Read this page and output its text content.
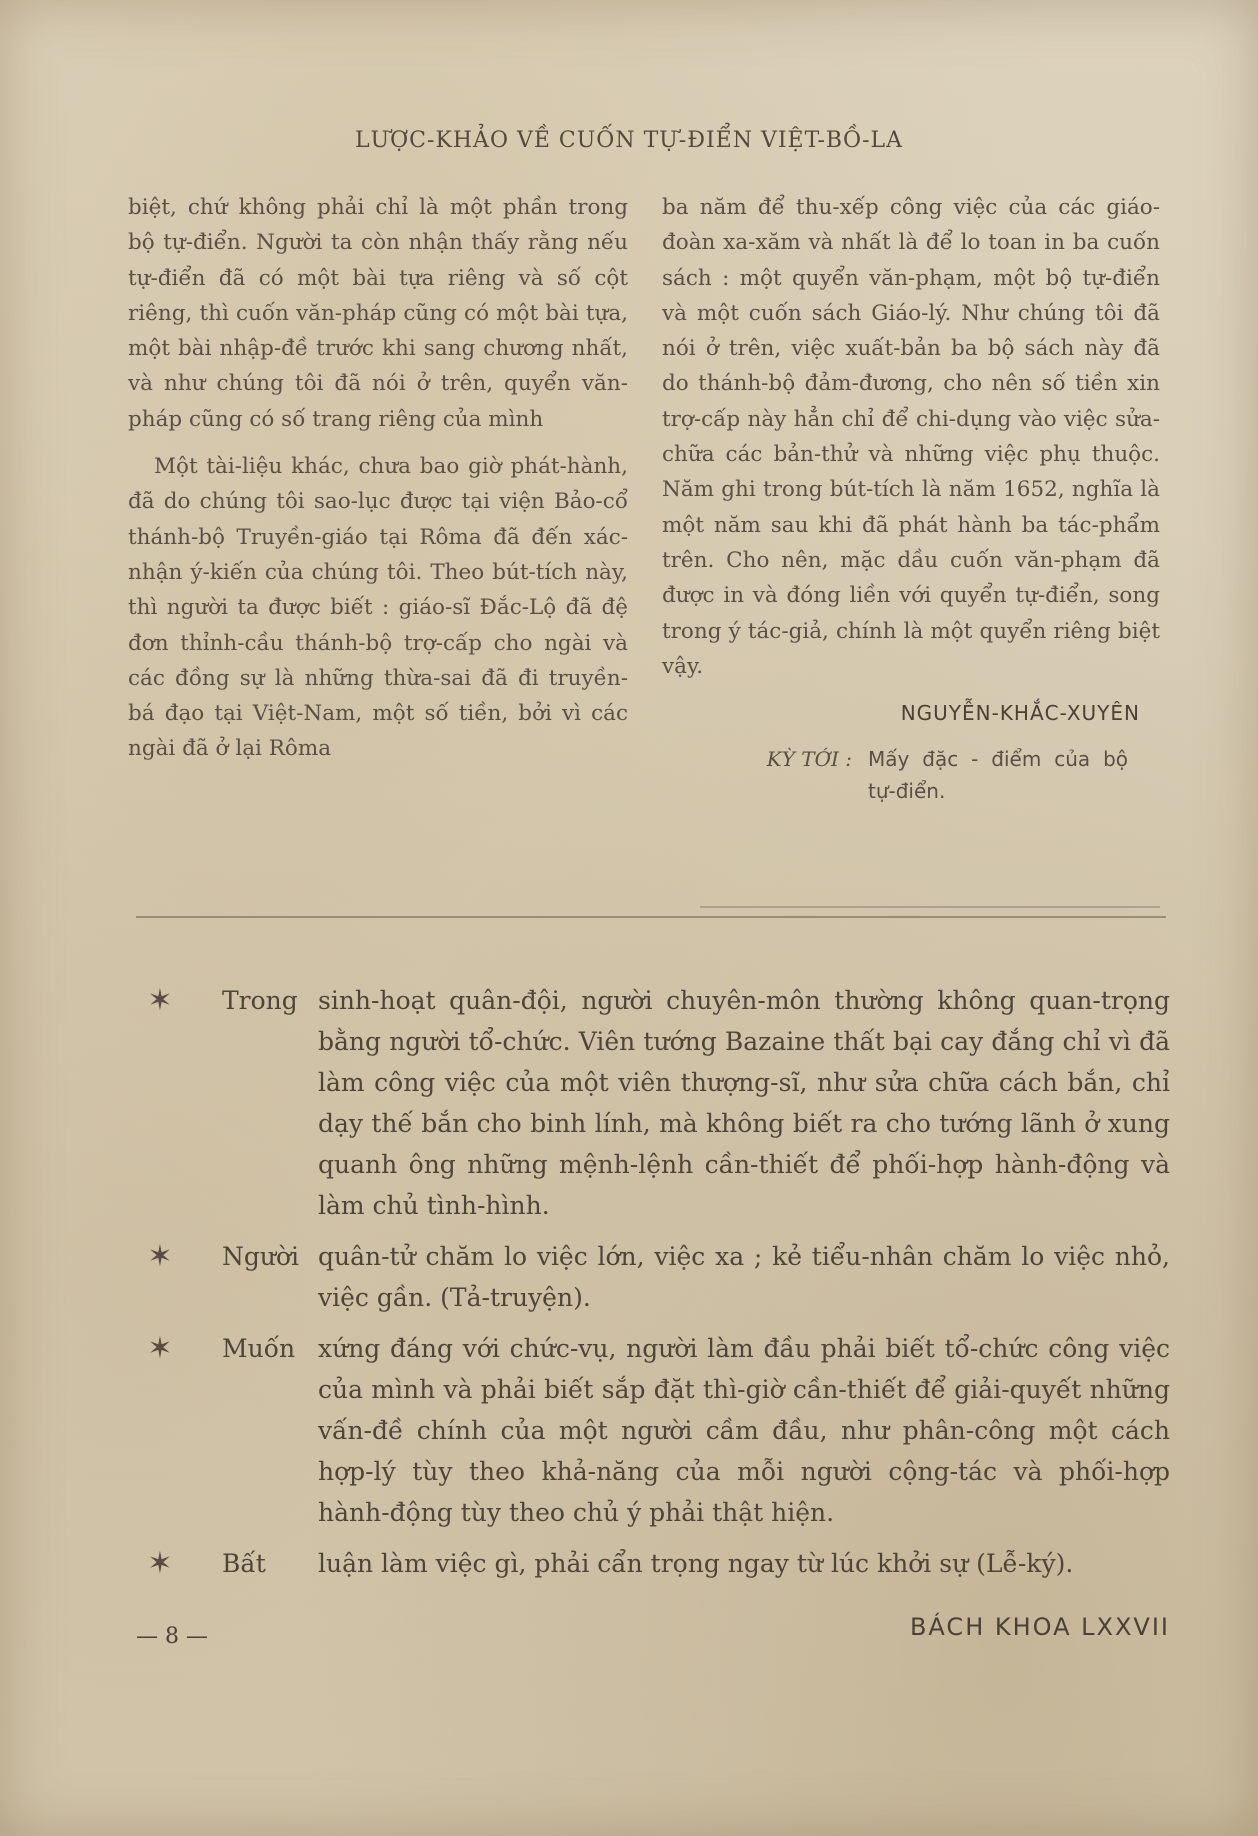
LƯỢC-KHẢO VỀ CUỐN TỰ-ĐIỂN VIỆT-BỒ-LA

biệt, chứ không phải chỉ là một phần trong bộ tự-điển. Người ta còn nhận thấy rằng nếu tự-điển đã có một bài tựa riêng và số cột riêng, thì cuốn văn-pháp cũng có một bài tựa, một bài nhập-đề trước khi sang chương nhất, và như chúng tôi đã nói ở trên, quyển văn-pháp cũng có số trang riêng của mình

Một tài-liệu khác, chưa bao giờ phát-hành, đã do chúng tôi sao-lục được tại viện Bảo-cổ thánh-bộ Truyền-giáo tại Rôma đã đến xác-nhận ý-kiến của chúng tôi. Theo bút-tích này, thì người ta được biết : giáo-sĩ Đắc-Lộ đã đệ đơn thỉnh-cầu thánh-bộ trợ-cấp cho ngài và các đồng sự là những thừa-sai đã đi truyền-bá đạo tại Việt-Nam, một số tiền, bởi vì các ngài đã ở lại Rôma

ba năm để thu-xếp công việc của các giáo-đoàn xa-xăm và nhất là để lo toan in ba cuốn sách : một quyển văn-phạm, một bộ tự-điển và một cuốn sách Giáo-lý. Như chúng tôi đã nói ở trên, việc xuất-bản ba bộ sách này đã do thánh-bộ đảm-đương, cho nên số tiền xin trợ-cấp này hẳn chỉ để chi-dụng vào việc sửa-chữa các bản-thử và những việc phụ thuộc. Năm ghi trong bút-tích là năm 1652, nghĩa là một năm sau khi đã phát hành ba tác-phẩm trên. Cho nên, mặc dầu cuốn văn-phạm đã được in và đóng liền với quyển tự-điển, song trong ý tác-giả, chính là một quyển riêng biệt vậy.

NGUYỄN-KHẮC-XUYÊN
KỲ TỚI : Mấy đặc - điểm của bộ tự-điển.
✶ Trong sinh-hoạt quân-đội, người chuyên-môn thường không quan-trọng bằng người tổ-chức. Viên tướng Bazaine thất bại cay đắng chỉ vì đã làm công việc của một viên thượng-sĩ, như sửa chữa cách bắn, chỉ dạy thế bắn cho binh lính, mà không biết ra cho tướng lãnh ở xung quanh ông những mệnh-lệnh cần-thiết để phối-hợp hành-động và làm chủ tình-hình.
✶ Người quân-tử chăm lo việc lớn, việc xa ; kẻ tiểu-nhân chăm lo việc nhỏ, việc gần. (Tả-truyện).
✶ Muốn xứng đáng với chức-vụ, người làm đầu phải biết tổ-chức công việc của mình và phải biết sắp đặt thì-giờ cần-thiết để giải-quyết những vấn-đề chính của một người cầm đầu, như phân-công một cách hợp-lý tùy theo khả-năng của mỗi người cộng-tác và phối-hợp hành-động tùy theo chủ ý phải thật hiện.
✶ Bất luận làm việc gì, phải cẩn trọng ngay từ lúc khởi sự (Lễ-ký).
— 8 —	BÁCH KHOA LXXVII
